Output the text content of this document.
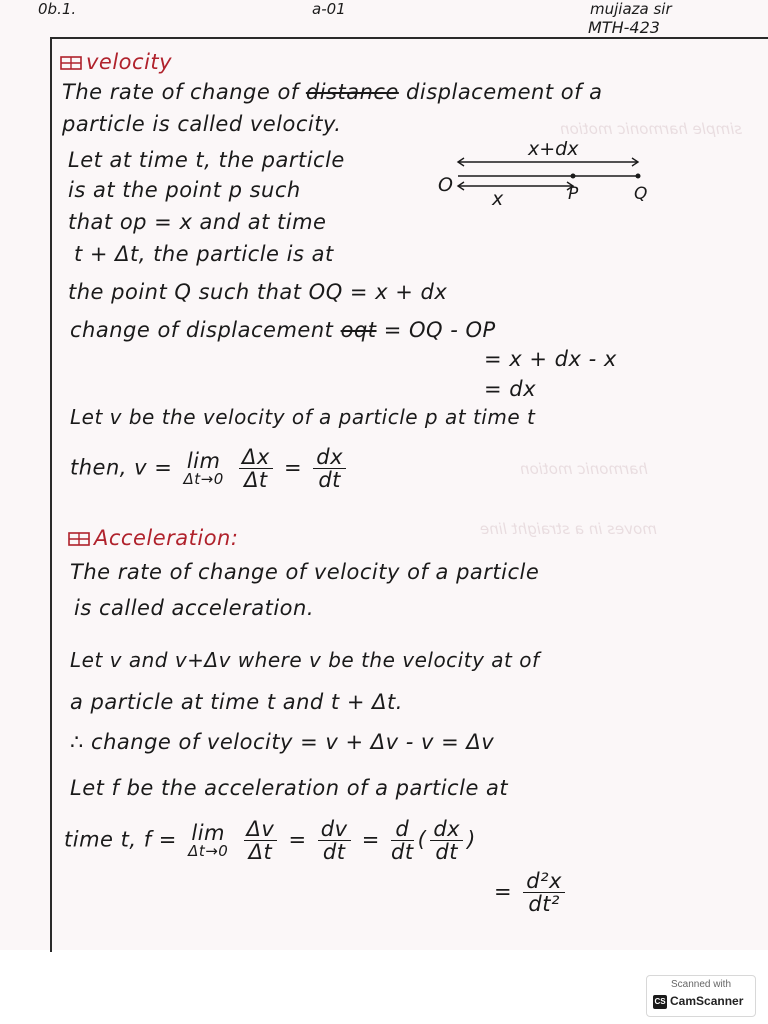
simple harmonic motion
moves in a straight line
harmonic motion
0b.1.	a-01	mujiaza sir
MTH-423
velocity
The rate of change of distance displacement of a
particle is called velocity.
Let at time t, the particle
is at the point p such
that op = x and at time
t + Δt, the particle is at
the point Q such that OQ = x + dx
x+dx
x
O	P	Q
change of displacement oqt = OQ - OP
= x + dx - x
= dx
Let v be the velocity of a particle p at time t
then, v = lim
Δt→0
$\frac{\Delta x}{\Delta t} = \frac{dx}{dt}$
Acceleration:
The rate of change of velocity of a particle
is called acceleration.
Let v and v+Δv where v be the velocity at of
a particle at time t and t + Δt.
∴ change of velocity = v + Δv - v = Δv
Let f be the acceleration of a particle at
time t, f = lim
Δt→0
$\frac{\Delta v}{\Delta t} = \frac{dv}{dt} = \frac{d}{dt}$ ( $\frac{dx}{dt}$ )
= $\frac{\text{d²x}}{\text{dt²}}$
Scanned with
CS CamScanner
